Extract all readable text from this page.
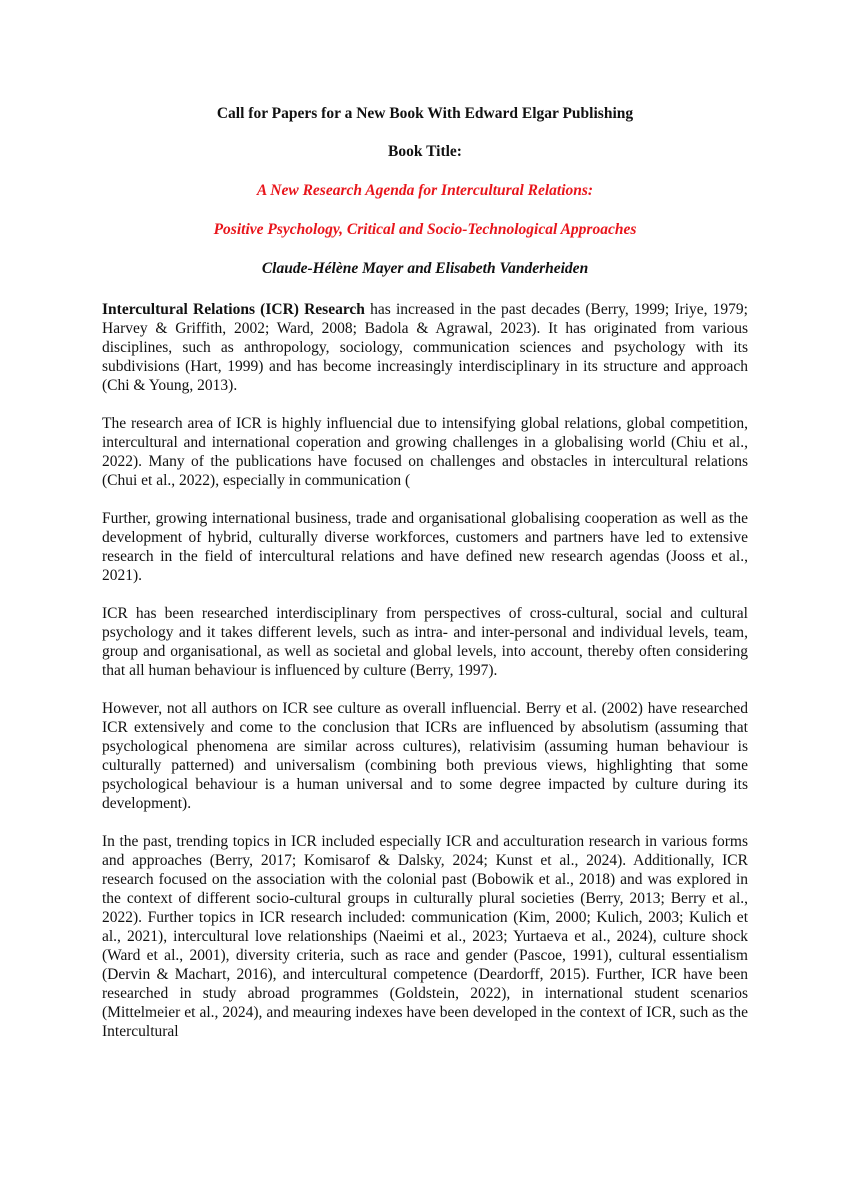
Call for Papers for a New Book With Edward Elgar Publishing

Book Title:

A New Research Agenda for Intercultural Relations:

Positive Psychology, Critical and Socio-Technological Approaches

Claude-Hélène Mayer and Elisabeth Vanderheiden

Intercultural Relations (ICR) Research has increased in the past decades (Berry, 1999; Iriye, 1979; Harvey & Griffith, 2002; Ward, 2008; Badola & Agrawal, 2023). It has originated from various disciplines, such as anthropology, sociology, communication sciences and psychology with its subdivisions (Hart, 1999) and has become increasingly interdisciplinary in its structure and approach (Chi & Young, 2013).

The research area of ICR is highly influencial due to intensifying global relations, global competition, intercultural and international coperation and growing challenges in a globalising world (Chiu et al., 2022). Many of the publications have focused on challenges and obstacles in intercultural relations (Chui et al., 2022), especially in communication (

Further, growing international business, trade and organisational globalising cooperation as well as the development of hybrid, culturally diverse workforces, customers and partners have led to extensive research in the field of intercultural relations and have defined new research agendas (Jooss et al., 2021).

ICR has been researched interdisciplinary from perspectives of cross-cultural, social and cultural psychology and it takes different levels, such as intra- and inter-personal and individual levels, team, group and organisational, as well as societal and global levels, into account, thereby often considering that all human behaviour is influenced by culture (Berry, 1997).

However, not all authors on ICR see culture as overall influencial. Berry et al. (2002) have researched ICR extensively and come to the conclusion that ICRs are influenced by absolutism (assuming that psychological phenomena are similar across cultures), relativisim (assuming human behaviour is culturally patterned) and universalism (combining both previous views, highlighting that some psychological behaviour is a human universal and to some degree impacted by culture during its development).

In the past, trending topics in ICR included especially ICR and acculturation research in various forms and approaches (Berry, 2017; Komisarof & Dalsky, 2024; Kunst et al., 2024). Additionally, ICR research focused on the association with the colonial past (Bobowik et al., 2018) and was explored in the context of different socio-cultural groups in culturally plural societies (Berry, 2013; Berry et al., 2022). Further topics in ICR research included: communication (Kim, 2000; Kulich, 2003; Kulich et al., 2021), intercultural love relationships (Naeimi et al., 2023; Yurtaeva et al., 2024), culture shock (Ward et al., 2001), diversity criteria, such as race and gender (Pascoe, 1991), cultural essentialism (Dervin & Machart, 2016), and intercultural competence (Deardorff, 2015). Further, ICR have been researched in study abroad programmes (Goldstein, 2022), in international student scenarios (Mittelmeier et al., 2024), and meauring indexes have been developed in the context of ICR, such as the Intercultural
